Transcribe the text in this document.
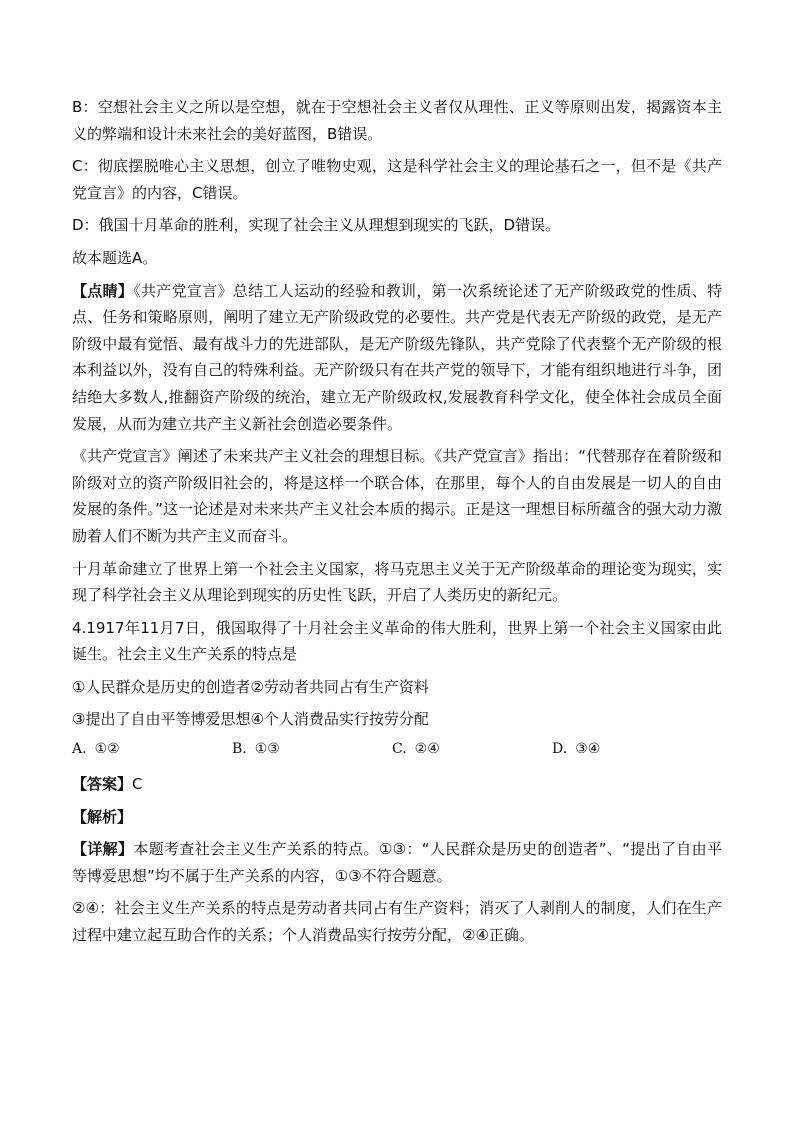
B：空想社会主义之所以是空想，就在于空想社会主义者仅从理性、正义等原则出发，揭露资本主义的弊端和设计未来社会的美好蓝图，B错误。

C：彻底摆脱唯心主义思想，创立了唯物史观，这是科学社会主义的理论基石之一，但不是《共产党宣言》的内容，C错误。

D：俄国十月革命的胜利，实现了社会主义从理想到现实的飞跃，D错误。

故本题选A。

【点睛】《共产党宣言》总结工人运动的经验和教训，第一次系统论述了无产阶级政党的性质、特点、任务和策略原则，阐明了建立无产阶级政党的必要性。共产党是代表无产阶级的政党，是无产阶级中最有觉悟、最有战斗力的先进部队，是无产阶级先锋队，共产党除了代表整个无产阶级的根本利益以外，没有自己的特殊利益。无产阶级只有在共产党的领导下，才能有组织地进行斗争，团结绝大多数人,推翻资产阶级的统治，建立无产阶级政权,发展教育科学文化，使全体社会成员全面发展，从而为建立共产主义新社会创造必要条件。

《共产党宣言》阐述了未来共产主义社会的理想目标。《共产党宣言》指出：“代替那存在着阶级和阶级对立的资产阶级旧社会的，将是这样一个联合体，在那里，每个人的自由发展是一切人的自由发展的条件。”这一论述是对未来共产主义社会本质的揭示。正是这一理想目标所蕴含的强大动力激励着人们不断为共产主义而奋斗。

十月革命建立了世界上第一个社会主义国家，将马克思主义关于无产阶级革命的理论变为现实，实现了科学社会主义从理论到现实的历史性飞跃，开启了人类历史的新纪元。

4.1917年11月7日，俄国取得了十月社会主义革命的伟大胜利，世界上第一个社会主义国家由此诞生。社会主义生产关系的特点是

①人民群众是历史的创造者②劳动者共同占有生产资料

③提出了自由平等博爱思想④个人消费品实行按劳分配

A. ①②	B. ①③	C. ②④	D. ③④

【答案】C

【解析】

【详解】本题考查社会主义生产关系的特点。①③：“人民群众是历史的创造者”、“提出了自由平等博爱思想”均不属于生产关系的内容，①③不符合题意。

②④：社会主义生产关系的特点是劳动者共同占有生产资料；消灭了人剥削人的制度，人们在生产过程中建立起互助合作的关系；个人消费品实行按劳分配，②④正确。
